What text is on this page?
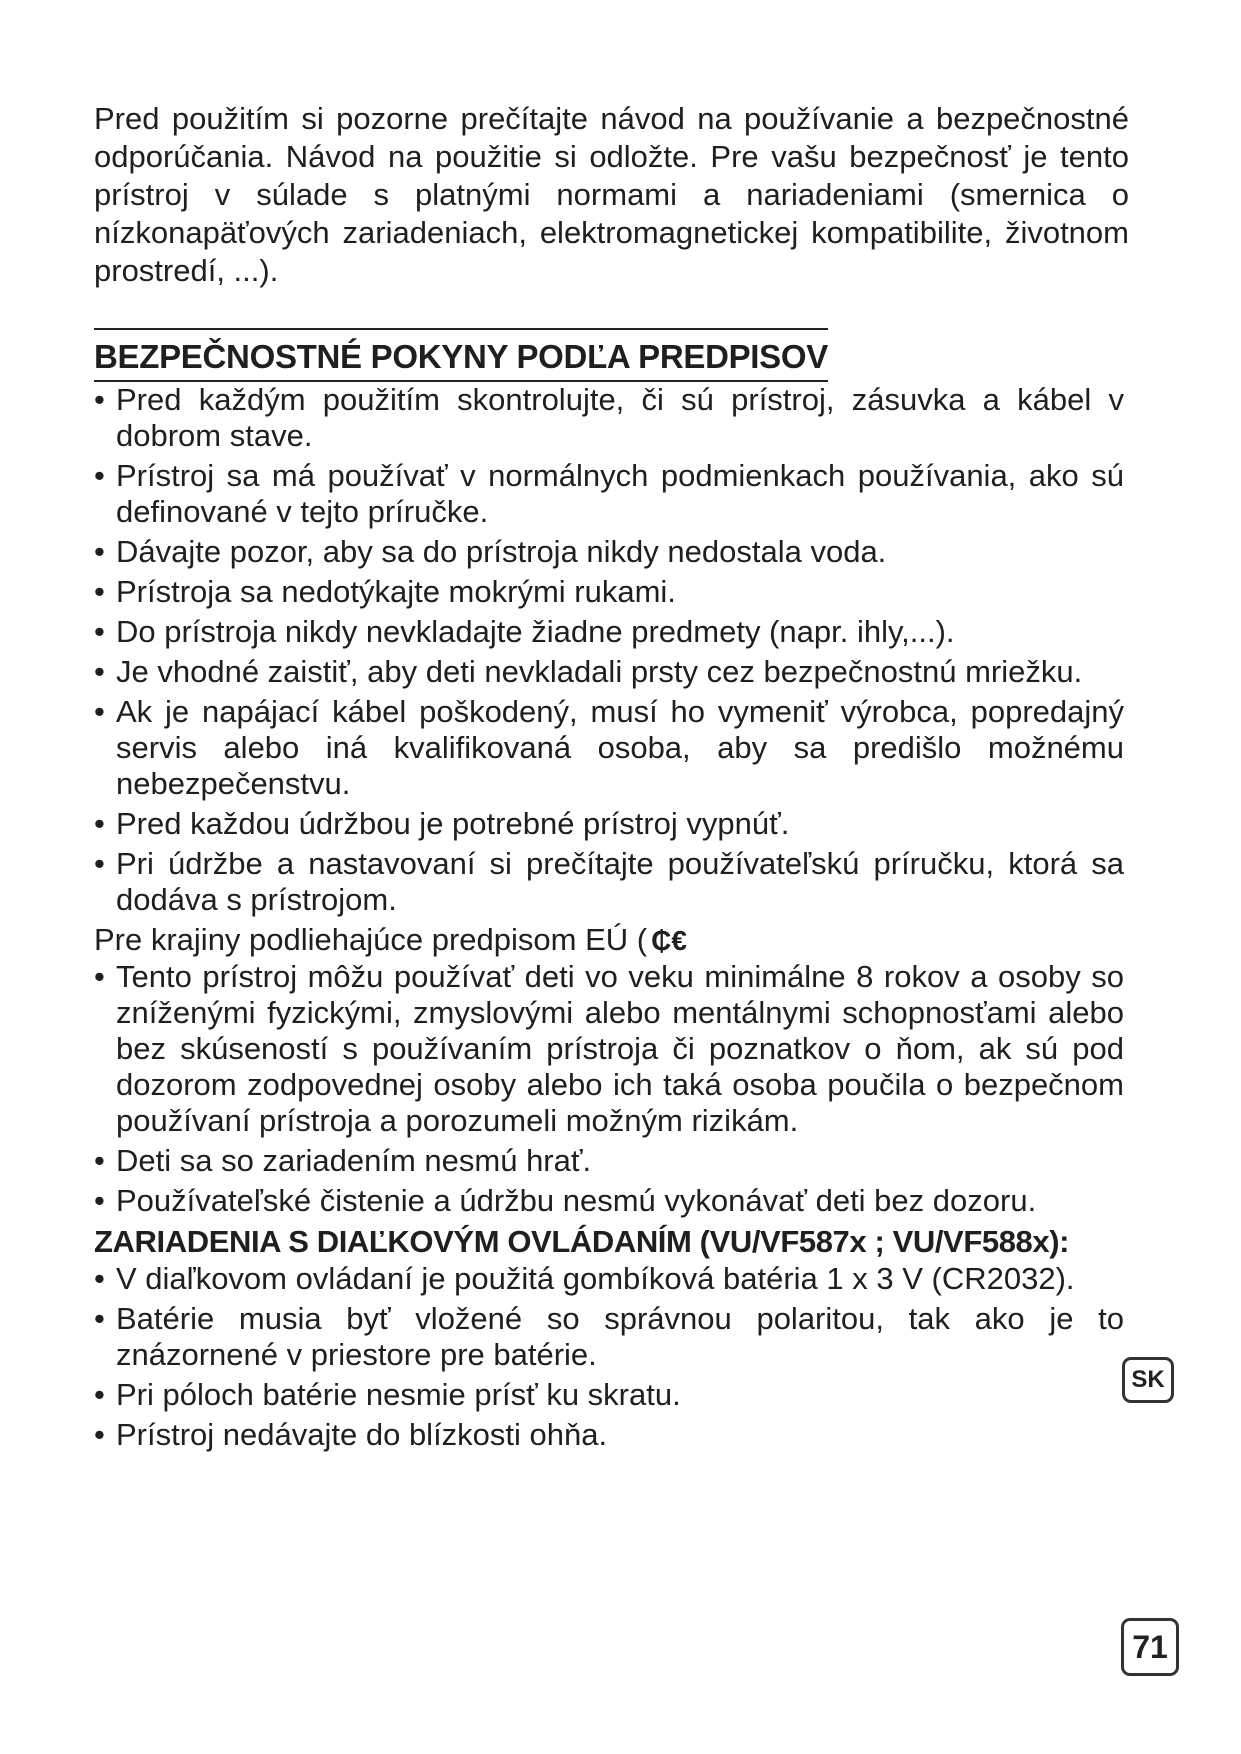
Pred použitím si pozorne prečítajte návod na používanie a bezpečnostné odporúčania. Návod na použitie si odložte. Pre vašu bezpečnosť je tento prístroj v súlade s platnými normami a nariadeniami (smernica o nízkonapäťových zariadeniach, elektromagnetickej kompatibilite, životnom prostredí, ...).

BEZPEČNOSTNÉ POKYNY PODĽA PREDPISOV
• Pred každým použitím skontrolujte, či sú prístroj, zásuvka a kábel v dobrom stave.
• Prístroj sa má používať v normálnych podmienkach používania, ako sú definované v tejto príručke.
• Dávajte pozor, aby sa do prístroja nikdy nedostala voda.
• Prístroja sa nedotýkajte mokrými rukami.
• Do prístroja nikdy nevkladajte žiadne predmety (napr. ihly,...).
• Je vhodné zaistiť, aby deti nevkladali prsty cez bezpečnostnú mriežku.
• Ak je napájací kábel poškodený, musí ho vymeniť výrobca, popredajný servis alebo iná kvalifikovaná osoba, aby sa predišlo možnému nebezpečenstvu.
• Pred každou údržbou je potrebné prístroj vypnúť.
• Pri údržbe a nastavovaní si prečítajte používateľskú príručku, ktorá sa dodáva s prístrojom.

Pre krajiny podliehajúce predpisom EÚ ( ₵€

• Tento prístroj môžu používať deti vo veku minimálne 8 rokov a osoby so zníženými fyzickými, zmyslovými alebo mentálnymi schopnosťami alebo bez skúseností s používaním prístroja či poznatkov o ňom, ak sú pod dozorom zodpovednej osoby alebo ich taká osoba poučila o bezpečnom používaní prístroja a porozumeli možným rizikám.
• Deti sa so zariadením nesmú hrať.
• Používateľské čistenie a údržbu nesmú vykonávať deti bez dozoru.

ZARIADENIA S DIAĽKOVÝM OVLÁDANÍM (VU/VF587x ; VU/VF588x):

• V diaľkovom ovládaní je použitá gombíková batéria 1 x 3 V (CR2032).
• Batérie musia byť vložené so správnou polaritou, tak ako je to znázornené v priestore pre batérie.
• Pri póloch batérie nesmie prísť ku skratu.
• Prístroj nedávajte do blízkosti ohňa.
SK
71
